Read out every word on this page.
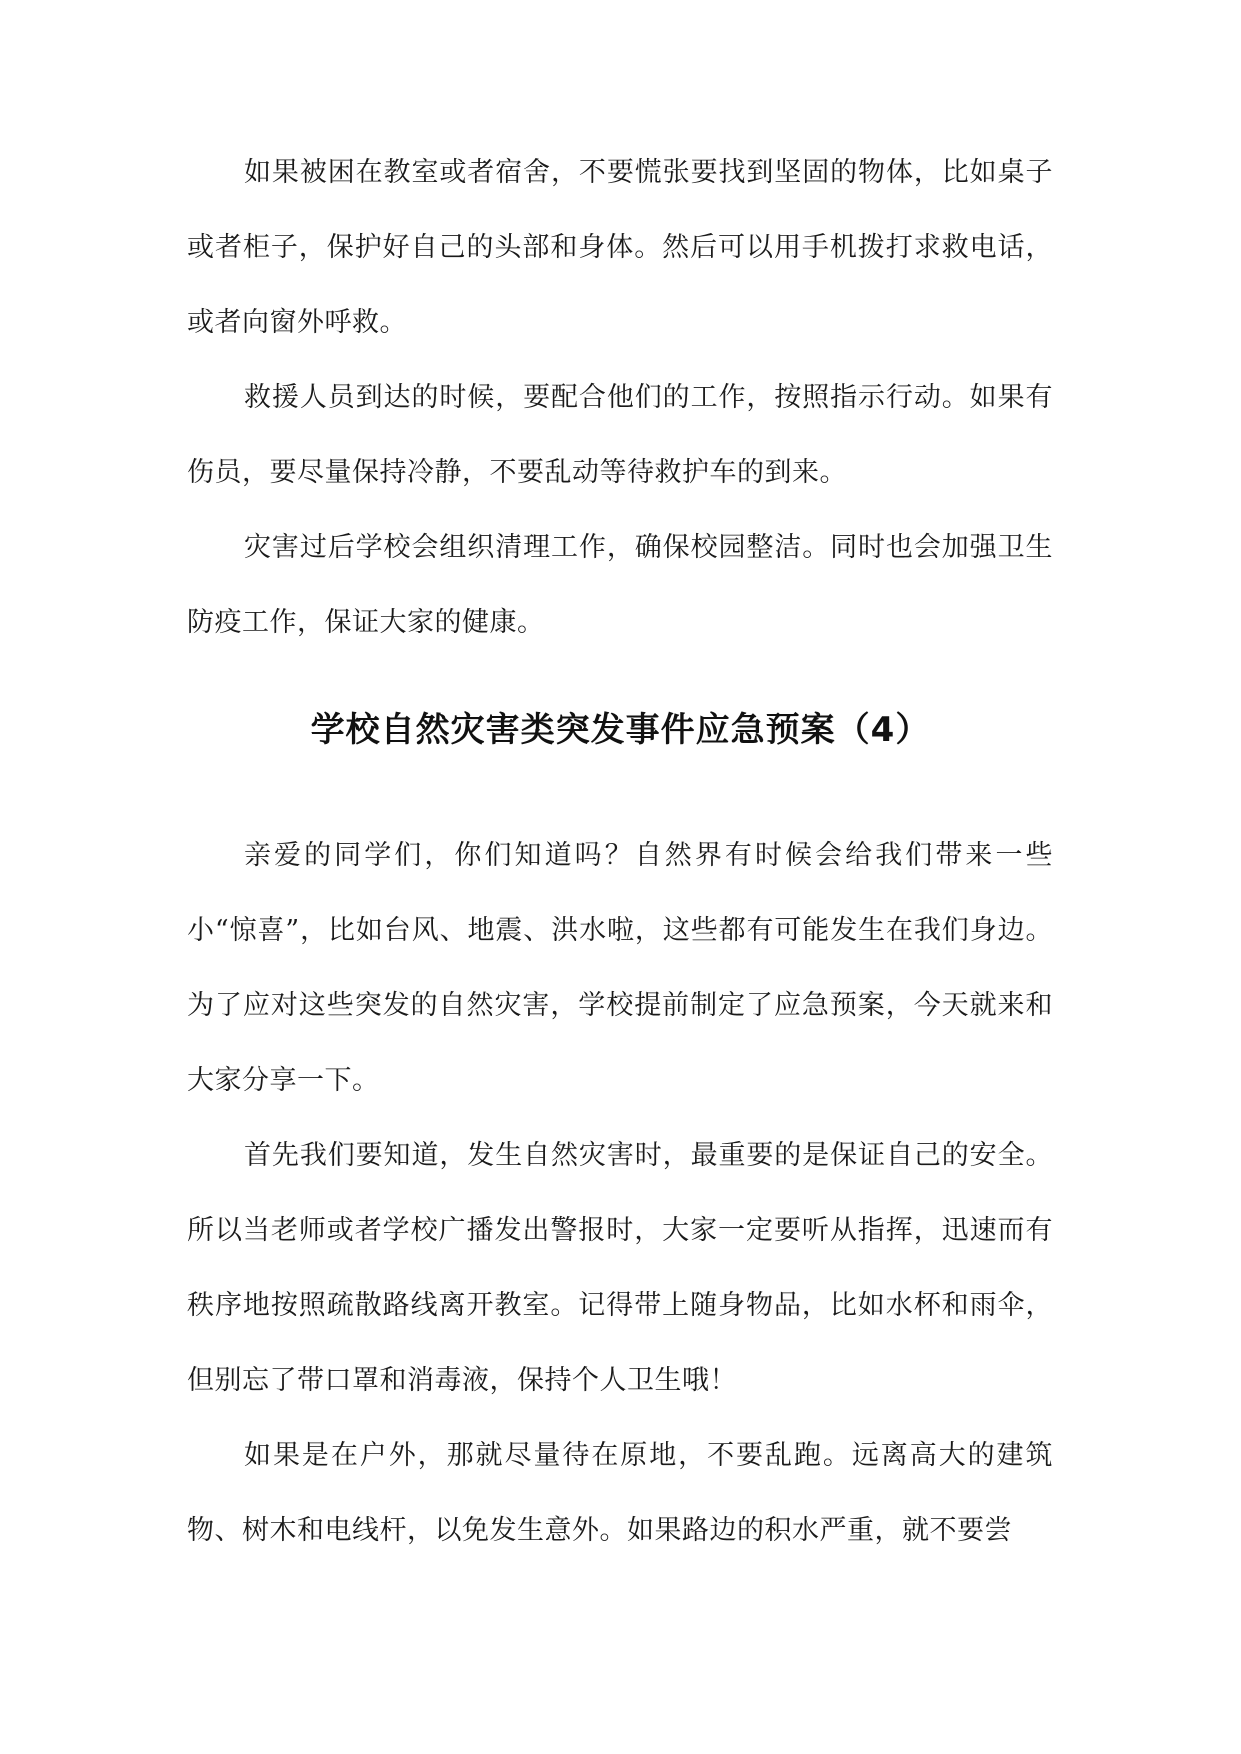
如果被困在教室或者宿舍，不要慌张要找到坚固的物体，比如桌子或者柜子，保护好自己的头部和身体。然后可以用手机拨打求救电话，或者向窗外呼救。

救援人员到达的时候，要配合他们的工作，按照指示行动。如果有伤员，要尽量保持冷静，不要乱动等待救护车的到来。

灾害过后学校会组织清理工作，确保校园整洁。同时也会加强卫生防疫工作，保证大家的健康。

学校自然灾害类突发事件应急预案（4）

亲爱的同学们，你们知道吗？自然界有时候会给我们带来一些小“惊喜”，比如台风、地震、洪水啦，这些都有可能发生在我们身边。为了应对这些突发的自然灾害，学校提前制定了应急预案，今天就来和大家分享一下。

首先我们要知道，发生自然灾害时，最重要的是保证自己的安全。所以当老师或者学校广播发出警报时，大家一定要听从指挥，迅速而有秩序地按照疏散路线离开教室。记得带上随身物品，比如水杯和雨伞，但别忘了带口罩和消毒液，保持个人卫生哦！

如果是在户外，那就尽量待在原地，不要乱跑。远离高大的建筑物、树木和电线杆，以免发生意外。如果路边的积水严重，就不要尝
